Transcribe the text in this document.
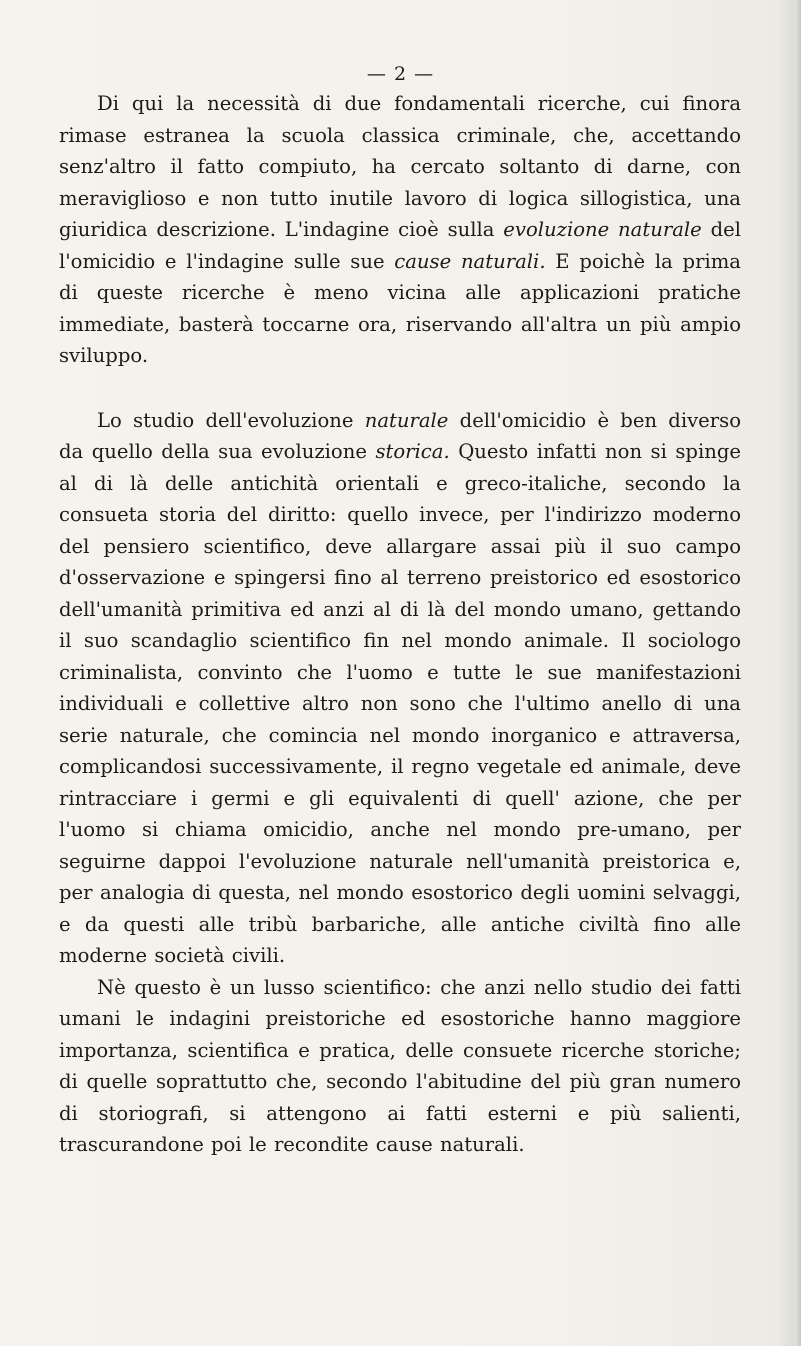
— 2 —

Di qui la necessità di due fondamentali ricerche, cui finora rimase estranea la scuola classica criminale, che, accettando senz'altro il fatto compiuto, ha cercato soltanto di darne, con meraviglioso e non tutto inutile lavoro di logica sillogistica, una giuridica descrizione. L'indagine cioè sulla evoluzione naturale del l'omicidio e l'indagine sulle sue cause naturali. E poichè la prima di queste ricerche è meno vicina alle applicazioni pratiche immediate, basterà toccarne ora, riservando all'altra un più ampio sviluppo.

Lo studio dell'evoluzione naturale dell'omicidio è ben diverso da quello della sua evoluzione storica. Questo infatti non si spinge al di là delle antichità orientali e greco-italiche, secondo la consueta storia del diritto: quello invece, per l'indirizzo moderno del pensiero scientifico, deve allargare assai più il suo campo d'osservazione e spingersi fino al terreno preistorico ed esostorico dell'umanità primitiva ed anzi al di là del mondo umano, gettando il suo scandaglio scientifico fin nel mondo animale. Il sociologo criminalista, convinto che l'uomo e tutte le sue manifestazioni individuali e collettive altro non sono che l'ultimo anello di una serie naturale, che comincia nel mondo inorganico e attraversa, complicandosi successivamente, il regno vegetale ed animale, deve rintracciare i germi e gli equivalenti di quell' azione, che per l'uomo si chiama omicidio, anche nel mondo pre-umano, per seguirne dappoi l'evoluzione naturale nell'umanità preistorica e, per analogia di questa, nel mondo esostorico degli uomini selvaggi, e da questi alle tribù barbariche, alle antiche civiltà fino alle moderne società civili.

Nè questo è un lusso scientifico: che anzi nello studio dei fatti umani le indagini preistoriche ed esostoriche hanno maggiore importanza, scientifica e pratica, delle consuete ricerche storiche; di quelle soprattutto che, secondo l'abitudine del più gran numero di storiografi, si attengono ai fatti esterni e più salienti, trascurandone poi le recondite cause naturali.
